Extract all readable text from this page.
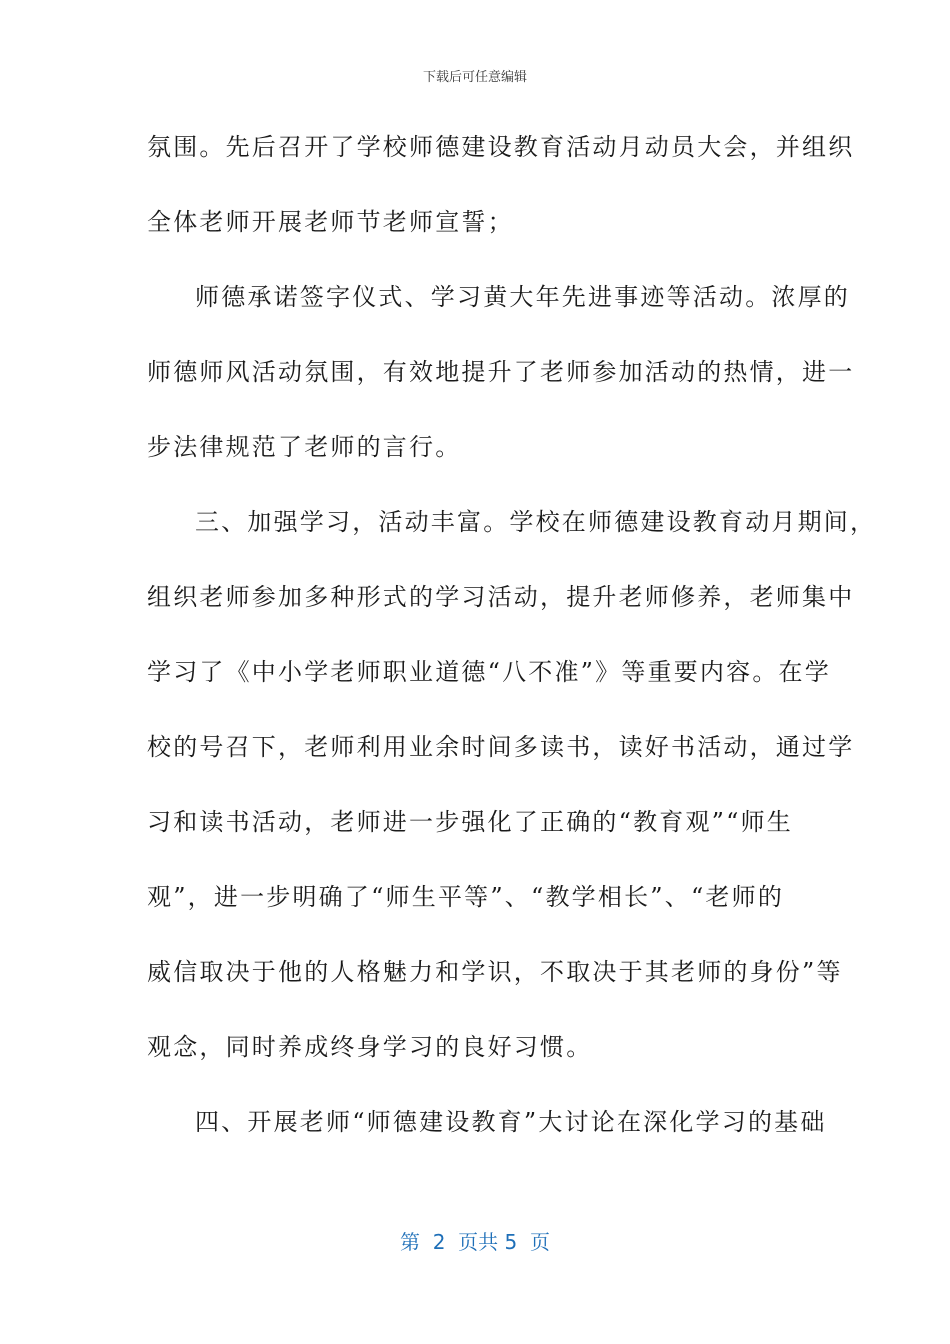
下载后可任意编辑
氛围。先后召开了学校师德建设教育活动月动员大会，并组织
全体老师开展老师节老师宣誓；
师德承诺签字仪式、学习黄大年先进事迹等活动。浓厚的
师德师风活动氛围，有效地提升了老师参加活动的热情，进一
步法律规范了老师的言行。
三、加强学习，活动丰富。学校在师德建设教育动月期间，
组织老师参加多种形式的学习活动，提升老师修养，老师集中
学习了《中小学老师职业道德“八不准”》等重要内容。在学
校的号召下，老师利用业余时间多读书，读好书活动，通过学
习和读书活动，老师进一步强化了正确的“教育观”“师生
观”，进一步明确了“师生平等”、“教学相长”、“老师的
威信取决于他的人格魅力和学识，不取决于其老师的身份”等
观念，同时养成终身学习的良好习惯。
四、开展老师“师德建设教育”大讨论在深化学习的基础
第  2  页共 5  页
